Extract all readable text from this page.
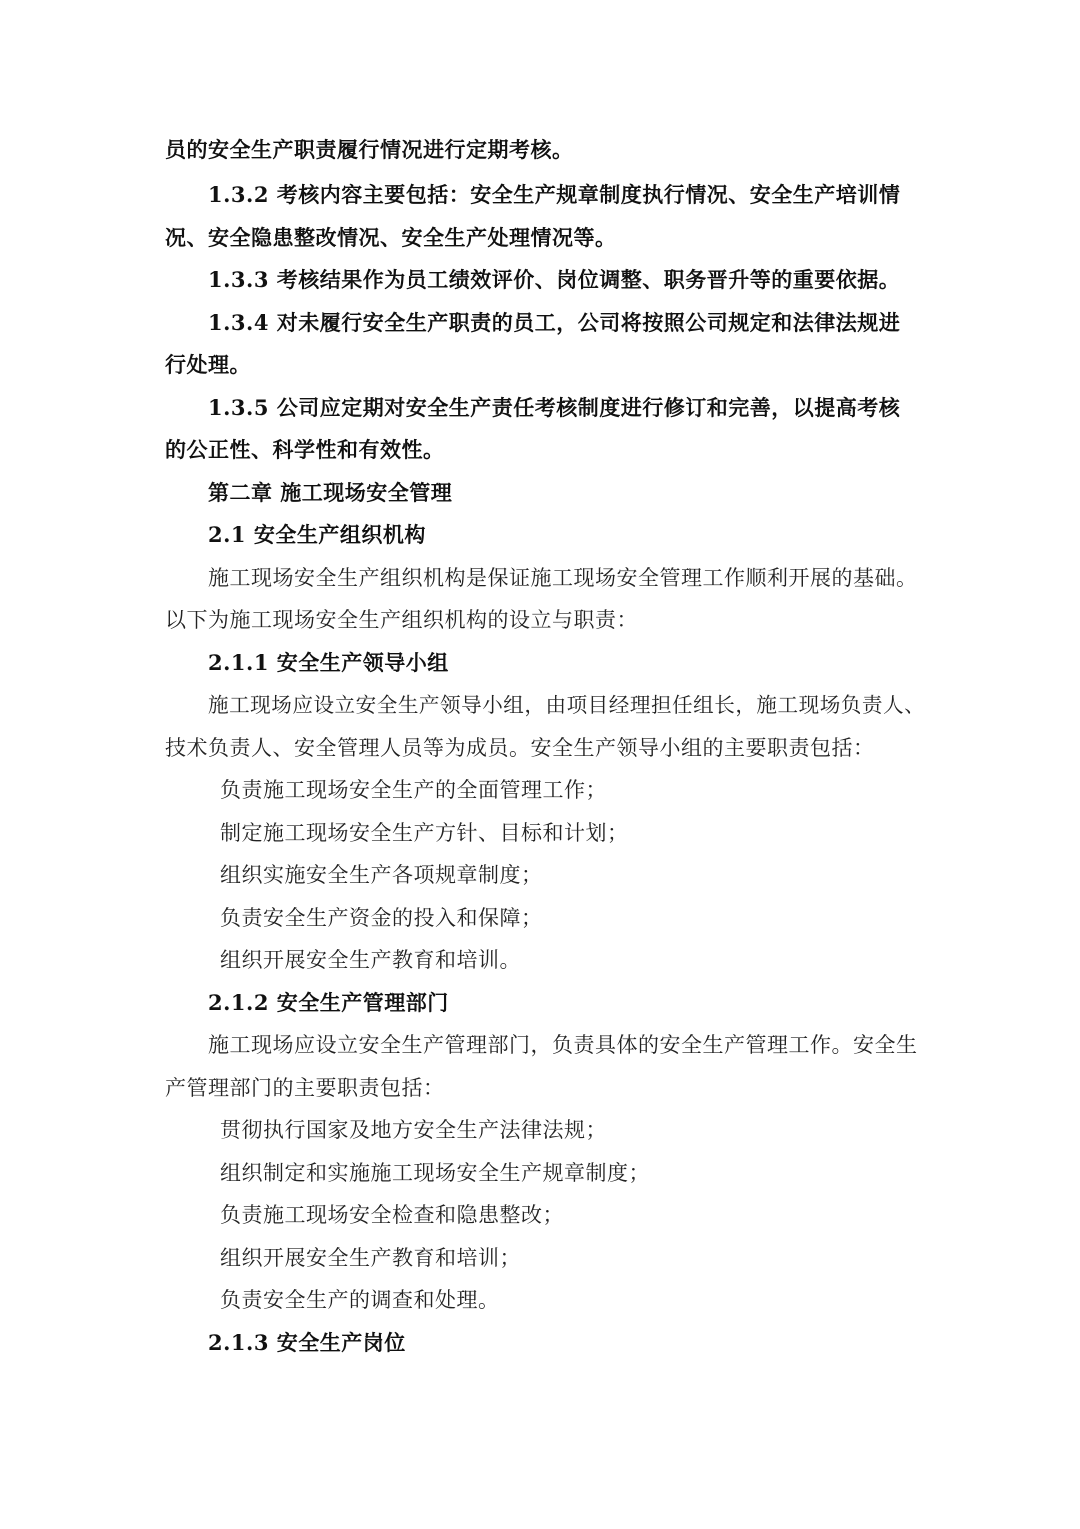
员的安全生产职责履行情况进行定期考核。
1.3.2 考核内容主要包括：安全生产规章制度执行情况、安全生产培训情
况、安全隐患整改情况、安全生产处理情况等。
1.3.3 考核结果作为员工绩效评价、岗位调整、职务晋升等的重要依据。
1.3.4 对未履行安全生产职责的员工，公司将按照公司规定和法律法规进
行处理。
1.3.5 公司应定期对安全生产责任考核制度进行修订和完善，以提高考核
的公正性、科学性和有效性。
第二章 施工现场安全管理
2.1 安全生产组织机构
施工现场安全生产组织机构是保证施工现场安全管理工作顺利开展的基础。
以下为施工现场安全生产组织机构的设立与职责：
2.1.1 安全生产领导小组
施工现场应设立安全生产领导小组，由项目经理担任组长，施工现场负责人、
技术负责人、安全管理人员等为成员。安全生产领导小组的主要职责包括：
负责施工现场安全生产的全面管理工作；
制定施工现场安全生产方针、目标和计划；
组织实施安全生产各项规章制度；
负责安全生产资金的投入和保障；
组织开展安全生产教育和培训。
2.1.2 安全生产管理部门
施工现场应设立安全生产管理部门，负责具体的安全生产管理工作。安全生
产管理部门的主要职责包括：
贯彻执行国家及地方安全生产法律法规；
组织制定和实施施工现场安全生产规章制度；
负责施工现场安全检查和隐患整改；
组织开展安全生产教育和培训；
负责安全生产的调查和处理。
2.1.3 安全生产岗位
